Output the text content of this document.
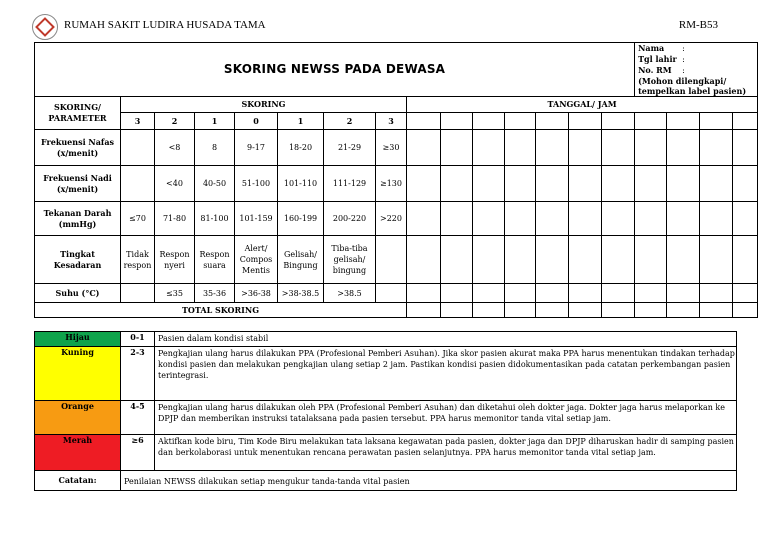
RUMAH SAKIT LUDIRA HUSADA TAMA	RM-B53
SKORING NEWSS PADA DEWASA															Nama :
Tgl lahir :
No. RM :
(Mohon dilengkapi/ tempelkan label pasien)			

SKORING/ PARAMETER	SKORING							TANGGAL/ JAM										
	3	2	1	0	1	2	3											
Frekuensi Nafas (x/menit)		<8	8	9-17	18-20	21-29	≥30											
Frekuensi Nadi (x/menit)		<40	40-50	51-100	101-110	111-129	≥130											
Tekanan Darah (mmHg)	≤70	71-80	81-100	101-159	160-199	200-220	>220											
Tingkat Kesadaran	Tidak respon	Respon nyeri	Respon suara	Alert/ Compos Mentis	Gelisah/ Bingung	Tiba-tiba gelisah/ bingung												
Suhu (°C)		≤35	35-36	>36-38	>38-38.5	>38.5												
TOTAL SKORING																		
Hijau	0-1	Pasien dalam kondisi stabil
Kuning	2-3	Pengkajian ulang harus dilakukan PPA (Profesional Pemberi Asuhan). Jika skor pasien akurat maka PPA harus menentukan tindakan terhadap kondisi pasien dan melakukan pengkajian ulang setiap 2 jam. Pastikan kondisi pasien didokumentasikan pada catatan perkembangan pasien terintegrasi.
Orange	4-5	Pengkajian ulang harus dilakukan oleh PPA (Profesional Pemberi Asuhan) dan diketahui oleh dokter jaga. Dokter jaga harus melaporkan ke DPJP dan memberikan instruksi tatalaksana pada pasien tersebut. PPA harus memonitor tanda vital setiap jam.
Merah	≥6	Aktifkan kode biru, Tim Kode Biru melakukan tata laksana kegawatan pada pasien, dokter jaga dan DPJP diharuskan hadir di samping pasien dan berkolaborasi untuk menentukan rencana perawatan pasien selanjutnya. PPA harus memonitor tanda vital setiap jam.
Catatan:	Penilaian NEWSS dilakukan setiap mengukur tanda-tanda vital pasien	
